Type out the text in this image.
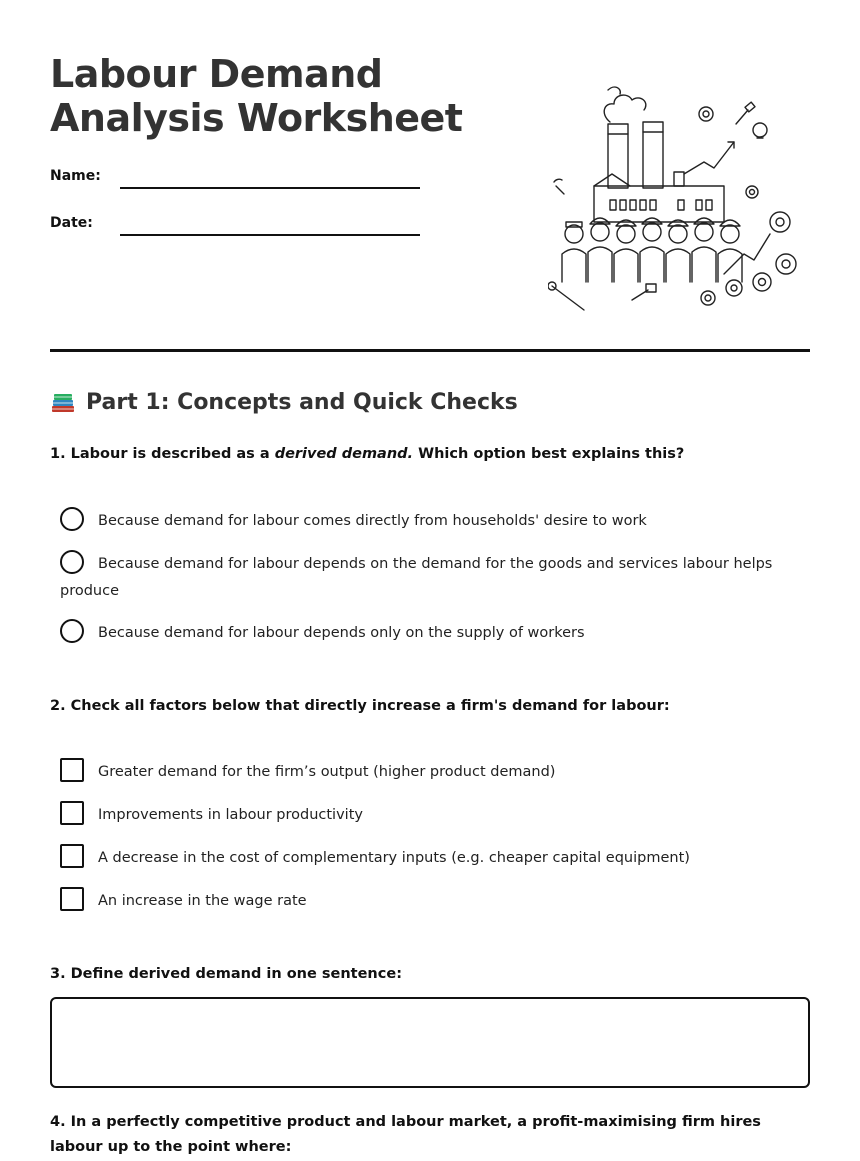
Labour Demand
Analysis Worksheet
Name:
Date:
Part 1: Concepts and Quick Checks
1. Labour is described as a derived demand. Which option best explains this?
Because demand for labour comes directly from households' desire to work
Because demand for labour depends on the demand for the goods and services labour helps produce
Because demand for labour depends only on the supply of workers
2. Check all factors below that directly increase a firm's demand for labour:
Greater demand for the firm’s output (higher product demand)
Improvements in labour productivity
A decrease in the cost of complementary inputs (e.g. cheaper capital equipment)
An increase in the wage rate
3. Define derived demand in one sentence:
4. In a perfectly competitive product and labour market, a profit-maximising firm hires labour up to the point where:
